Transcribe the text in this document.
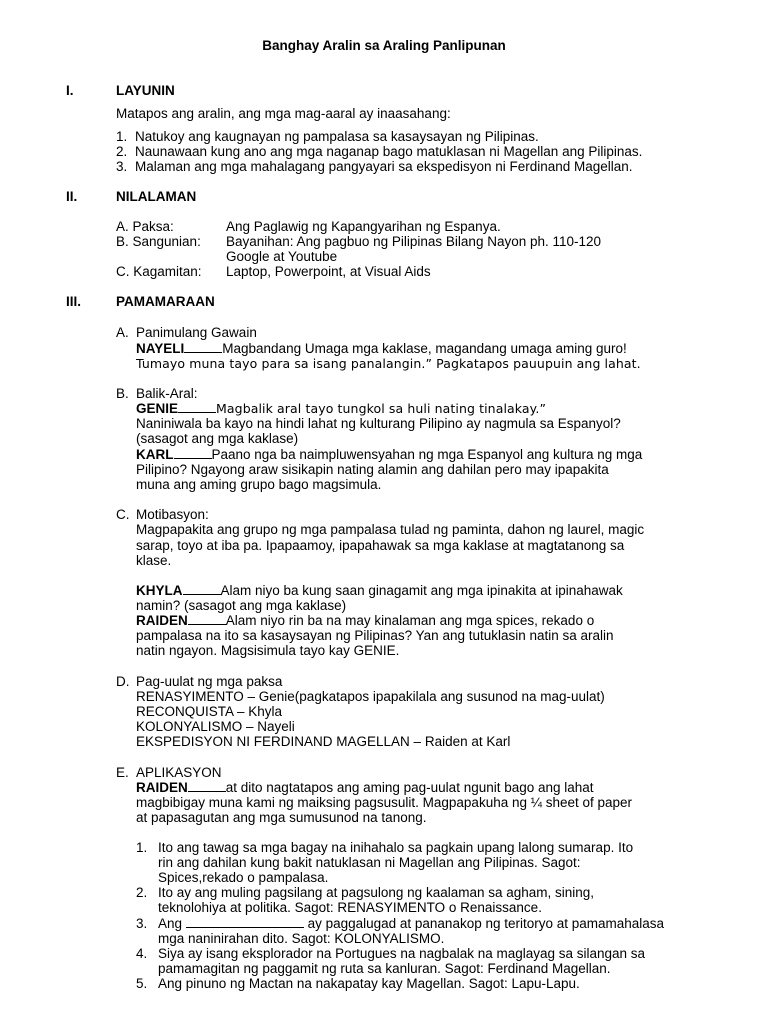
Banghay Aralin sa Araling Panlipunan
I.	LAYUNIN
Matapos ang aralin, ang mga mag-aaral ay inaasahang:
1. Natukoy ang kaugnayan ng pampalasa sa kasaysayan ng Pilipinas.
2. Naunawaan kung ano ang mga naganap bago matuklasan ni Magellan ang Pilipinas.
3. Malaman ang mga mahalagang pangyayari sa ekspedisyon ni Ferdinand Magellan.
II.	NILALAMAN
A. Paksa:	Ang Paglawig ng Kapangyarihan ng Espanya.
B. Sangunian: Bayanihan: Ang pagbuo ng Pilipinas Bilang Nayon ph. 110-120
Google at Youtube
C. Kagamitan: Laptop, Powerpoint, at Visual Aids
III.	PAMAMARAAN
A. Panimulang Gawain
NAYELI	Magbandang Umaga mga kaklase, magandang umaga aming guro!
Tumayo muna tayo para sa isang panalangin.” Pagkatapos pauupuin ang lahat.
B. Balik-Aral:
GENIE	Magbalik aral tayo tungkol sa huli nating tinalakay.”
Naniniwala ba kayo na hindi lahat ng kulturang Pilipino ay nagmula sa Espanyol?
(sasagot ang mga kaklase)
KARL	Paano nga ba naimpluwensyahan ng mga Espanyol ang kultura ng mga
Pilipino? Ngayong araw sisikapin nating alamin ang dahilan pero may ipapakita
muna ang aming grupo bago magsimula.
C. Motibasyon:
Magpapakita ang grupo ng mga pampalasa tulad ng paminta, dahon ng laurel, magic
sarap, toyo at iba pa. Ipapaamoy, ipapahawak sa mga kaklase at magtatanong sa
klase.
KHYLA	Alam niyo ba kung saan ginagamit ang mga ipinakita at ipinahawak
namin? (sasagot ang mga kaklase)
RAIDEN	Alam niyo rin ba na may kinalaman ang mga spices, rekado o
pampalasa na ito sa kasaysayan ng Pilipinas? Yan ang tutuklasin natin sa aralin
natin ngayon. Magsisimula tayo kay GENIE.
D. Pag-uulat ng mga paksa
RENASYIMENTO – Genie(pagkatapos ipapakilala ang susunod na mag-uulat)
RECONQUISTA – Khyla
KOLONYALISMO – Nayeli
EKSPEDISYON NI FERDINAND MAGELLAN – Raiden at Karl
E. APLIKASYON
RAIDEN	at dito nagtatapos ang aming pag-uulat ngunit bago ang lahat
magbibigay muna kami ng maiksing pagsusulit. Magpapakuha ng ¼ sheet of paper
at papasagutan ang mga sumusunod na tanong.
1. Ito ang tawag sa mga bagay na inihahalo sa pagkain upang lalong sumarap. Ito
rin ang dahilan kung bakit natuklasan ni Magellan ang Pilipinas. Sagot:
Spices,rekado o pampalasa.
2. Ito ay ang muling pagsilang at pagsulong ng kaalaman sa agham, sining,
teknolohiya at politika. Sagot: RENASYIMENTO o Renaissance.
3. Ang	ay paggalugad at pananakop ng teritoryo at pamamahalasa
mga naninirahan dito. Sagot: KOLONYALISMO.
4. Siya ay isang eksplorador na Portugues na nagbalak na maglayag sa silangan sa
pamamagitan ng paggamit ng ruta sa kanluran. Sagot: Ferdinand Magellan.
5. Ang pinuno ng Mactan na nakapatay kay Magellan. Sagot: Lapu-Lapu.
